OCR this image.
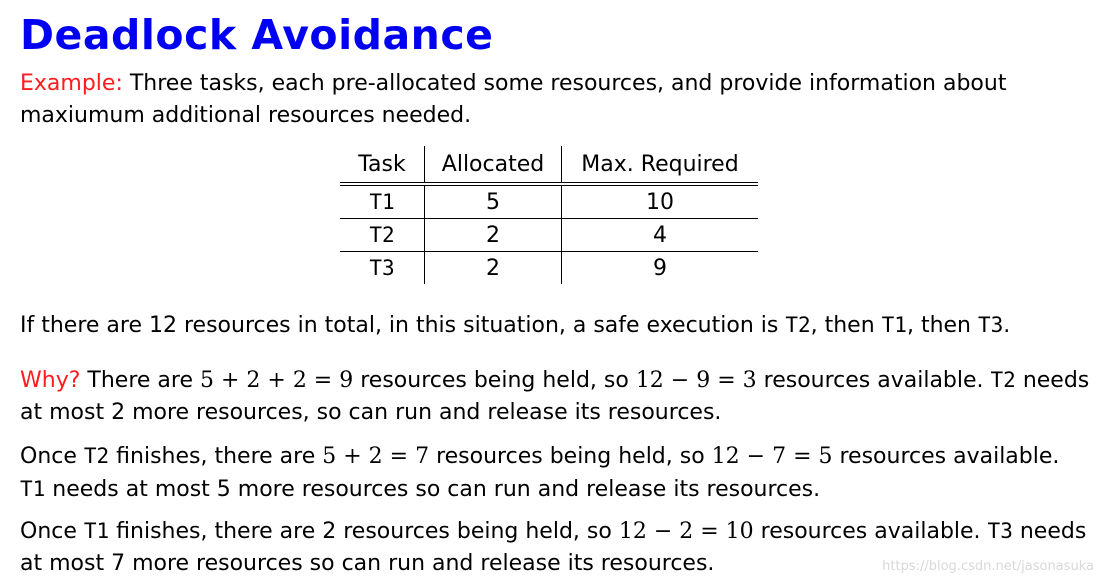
Deadlock Avoidance
Example: Three tasks, each pre-allocated some resources, and provide information about maxiumum additional resources needed.
Task	Allocated	Max. Required
T1	5	10
T2	2	4
T3	2	9
If there are 12 resources in total, in this situation, a safe execution is T2, then T1, then T3.
Why? There are 5 + 2 + 2 = 9 resources being held, so 12 − 9 = 3 resources available. T2 needs at most 2 more resources, so can run and release its resources.
Once T2 finishes, there are 5 + 2 = 7 resources being held, so 12 − 7 = 5 resources available. T1 needs at most 5 more resources so can run and release its resources.
Once T1 finishes, there are 2 resources being held, so 12 − 2 = 10 resources available. T3 needs at most 7 more resources so can run and release its resources.	https://blog.csdn.net/jasonasuka
